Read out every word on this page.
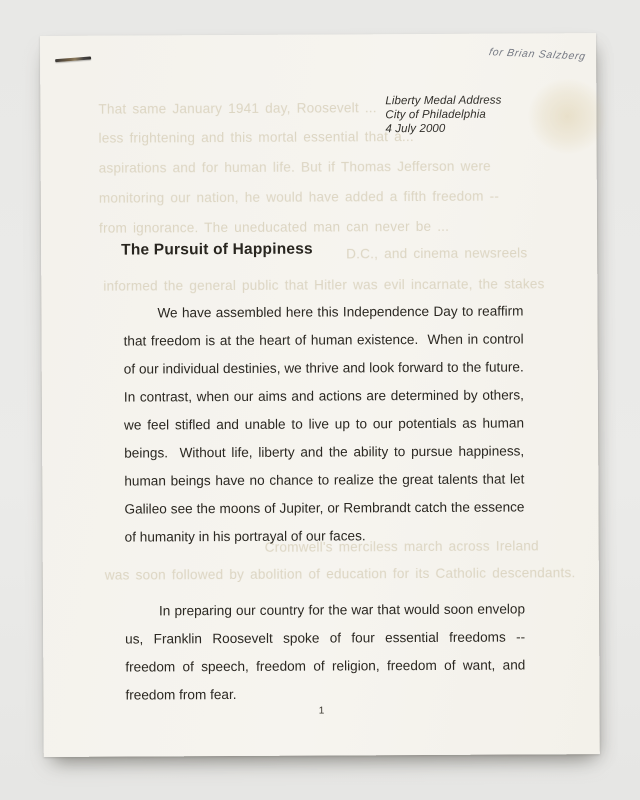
for Brian Salzberg
Liberty Medal Address
City of Philadelphia
4 July 2000
That same January 1941 day, Roosevelt ...
less frightening and this mortal essential that a...
aspirations and for human life. But if Thomas Jefferson were
monitoring our nation, he would have added a fifth freedom --
from ignorance. The uneducated man can never be ...
D.C., and cinema newsreels
informed the general public that Hitler was evil incarnate, the stakes
Cromwell's merciless march across Ireland
was soon followed by abolition of education for its Catholic descendants.
The Pursuit of Happiness

We have assembled here this Independence Day to reaffirm that freedom is at the heart of human existence.  When in control of our individual destinies, we thrive and look forward to the future.  In contrast, when our aims and actions are determined by others, we feel stifled and unable to live up to our potentials as human beings.  Without life, liberty and the ability to pursue happiness, human beings have no chance to realize the great talents that let Galileo see the moons of Jupiter, or Rembrandt catch the essence of humanity in his portrayal of our faces.

In preparing our country for the war that would soon envelop us, Franklin Roosevelt spoke of four essential freedoms -- freedom of speech, freedom of religion, freedom of want, and freedom from fear.

1
